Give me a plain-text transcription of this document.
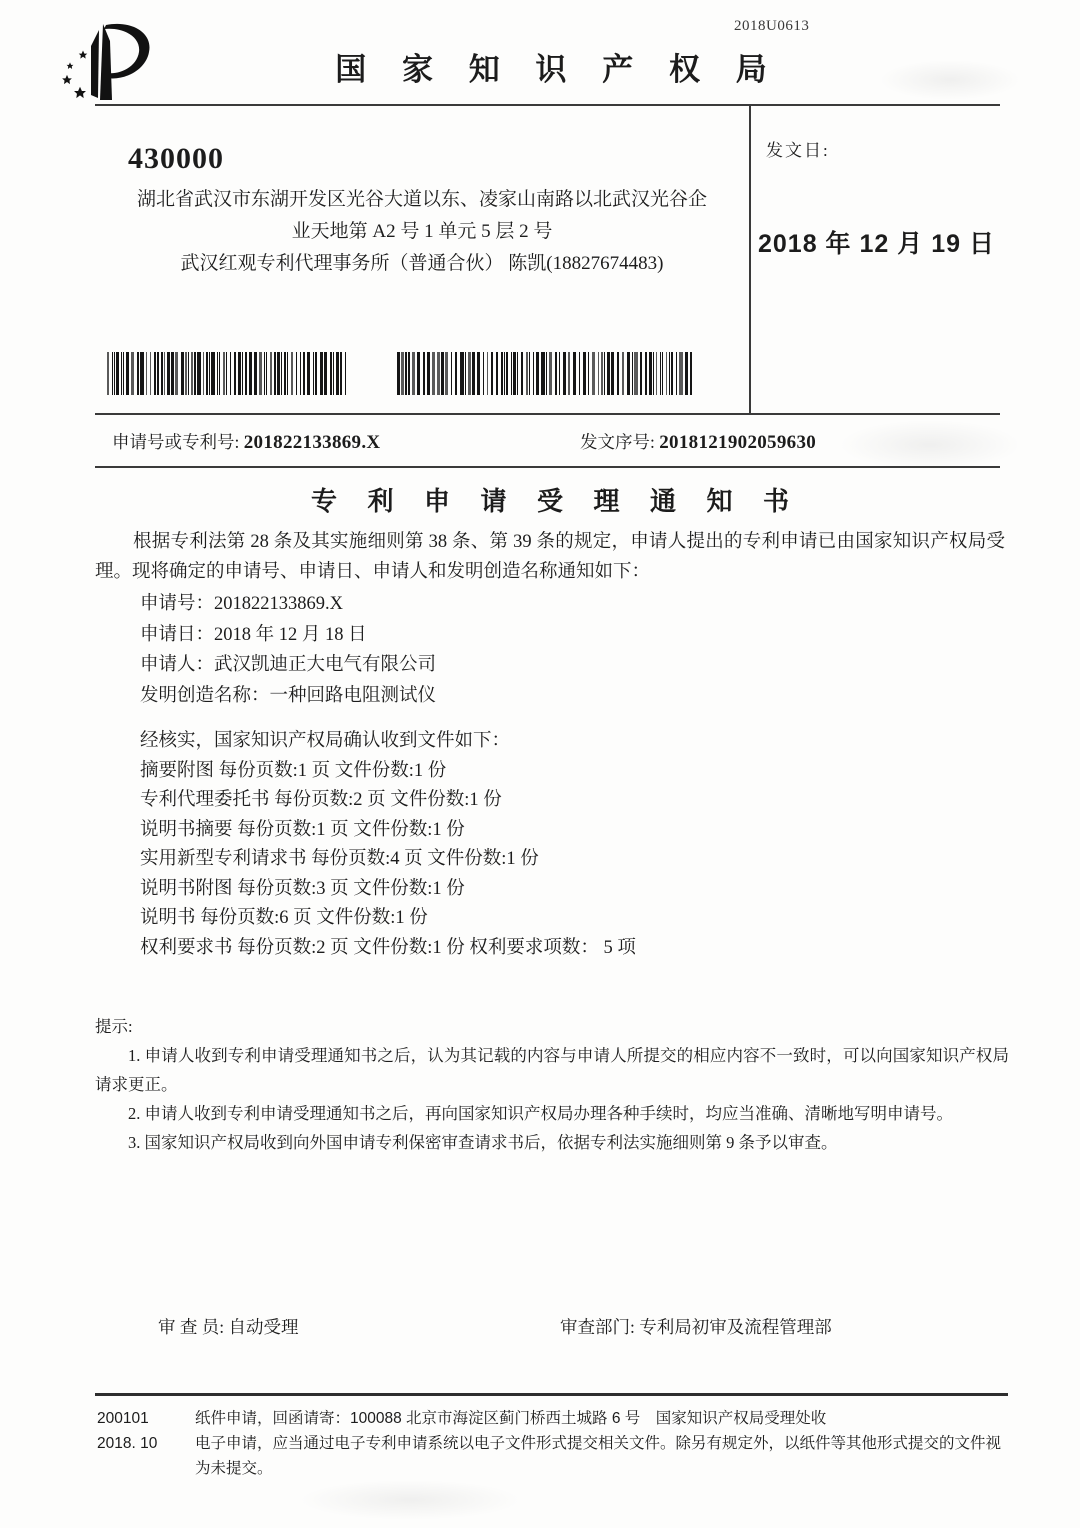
2018U0613
国 家 知 识 产 权 局
发文日:
2018 年 12 月 19 日
430000
湖北省武汉市东湖开发区光谷大道以东、凌家山南路以北武汉光谷企
业天地第 A2 号 1 单元 5 层 2 号
武汉红观专利代理事务所（普通合伙） 陈凯(18827674483)
申请号或专利号: 201822133869.X	发文序号: 2018121902059630
专 利 申 请 受 理 通 知 书
根据专利法第 28 条及其实施细则第 38 条、第 39 条的规定，申请人提出的专利申请已由国家知识产权局受理。现将确定的申请号、申请日、申请人和发明创造名称通知如下：
申请号：201822133869.X
申请日：2018 年 12 月 18 日
申请人：武汉凯迪正大电气有限公司
发明创造名称：一种回路电阻测试仪
经核实，国家知识产权局确认收到文件如下：
摘要附图 每份页数:1 页 文件份数:1 份
专利代理委托书 每份页数:2 页 文件份数:1 份
说明书摘要 每份页数:1 页 文件份数:1 份
实用新型专利请求书 每份页数:4 页 文件份数:1 份
说明书附图 每份页数:3 页 文件份数:1 份
说明书 每份页数:6 页 文件份数:1 份
权利要求书 每份页数:2 页 文件份数:1 份 权利要求项数： 5 项

提示:

1. 申请人收到专利申请受理通知书之后，认为其记载的内容与申请人所提交的相应内容不一致时，可以向国家知识产权局请求更正。

2. 申请人收到专利申请受理通知书之后，再向国家知识产权局办理各种手续时，均应当准确、清晰地写明申请号。

3. 国家知识产权局收到向外国申请专利保密审查请求书后，依据专利法实施细则第 9 条予以审查。

审 查 员: 自动受理	审查部门: 专利局初审及流程管理部
200101	纸件申请，回函请寄：100088 北京市海淀区蓟门桥西土城路 6 号　国家知识产权局受理处收
2018. 10	电子申请，应当通过电子专利申请系统以电子文件形式提交相关文件。除另有规定外，以纸件等其他形式提交的文件视为未提交。
